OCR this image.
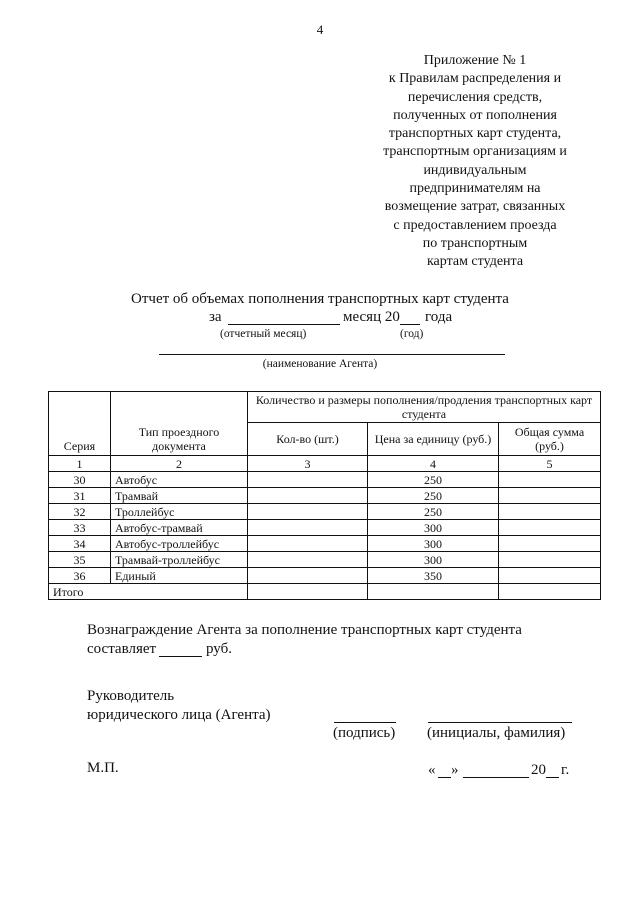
4
Приложение № 1
к Правилам распределения и
перечисления средств,
полученных от пополнения
транспортных карт студента,
транспортным организациям и
индивидуальным
предпринимателям на
возмещение затрат, связанных
с предоставлением проезда
по транспортным
картам студента
Отчет об объемах пополнения транспортных карт студента
за	месяц 20 года
(отчетный месяц)	(год)
(наименование Агента)
Серия	Тип проездного документа	Количество и размеры пополнения/продления транспортных карт студента		
		Кол-во (шт.)	Цена за единицу (руб.)	Общая сумма (руб.)
1	2	3	4	5
30	Автобус		250	
31	Трамвай		250	
32	Троллейбус		250	
33	Автобус-трамвай		300	
34	Автобус-троллейбус		300	
35	Трамвай-троллейбус		300	
36	Единый		350	
Итого				
Вознаграждение Агента за пополнение транспортных карт студента
составляет	руб.
Руководитель
юридического лица (Агента)
(подпись) (инициалы, фамилия)
М.П.	« »	20 г.
